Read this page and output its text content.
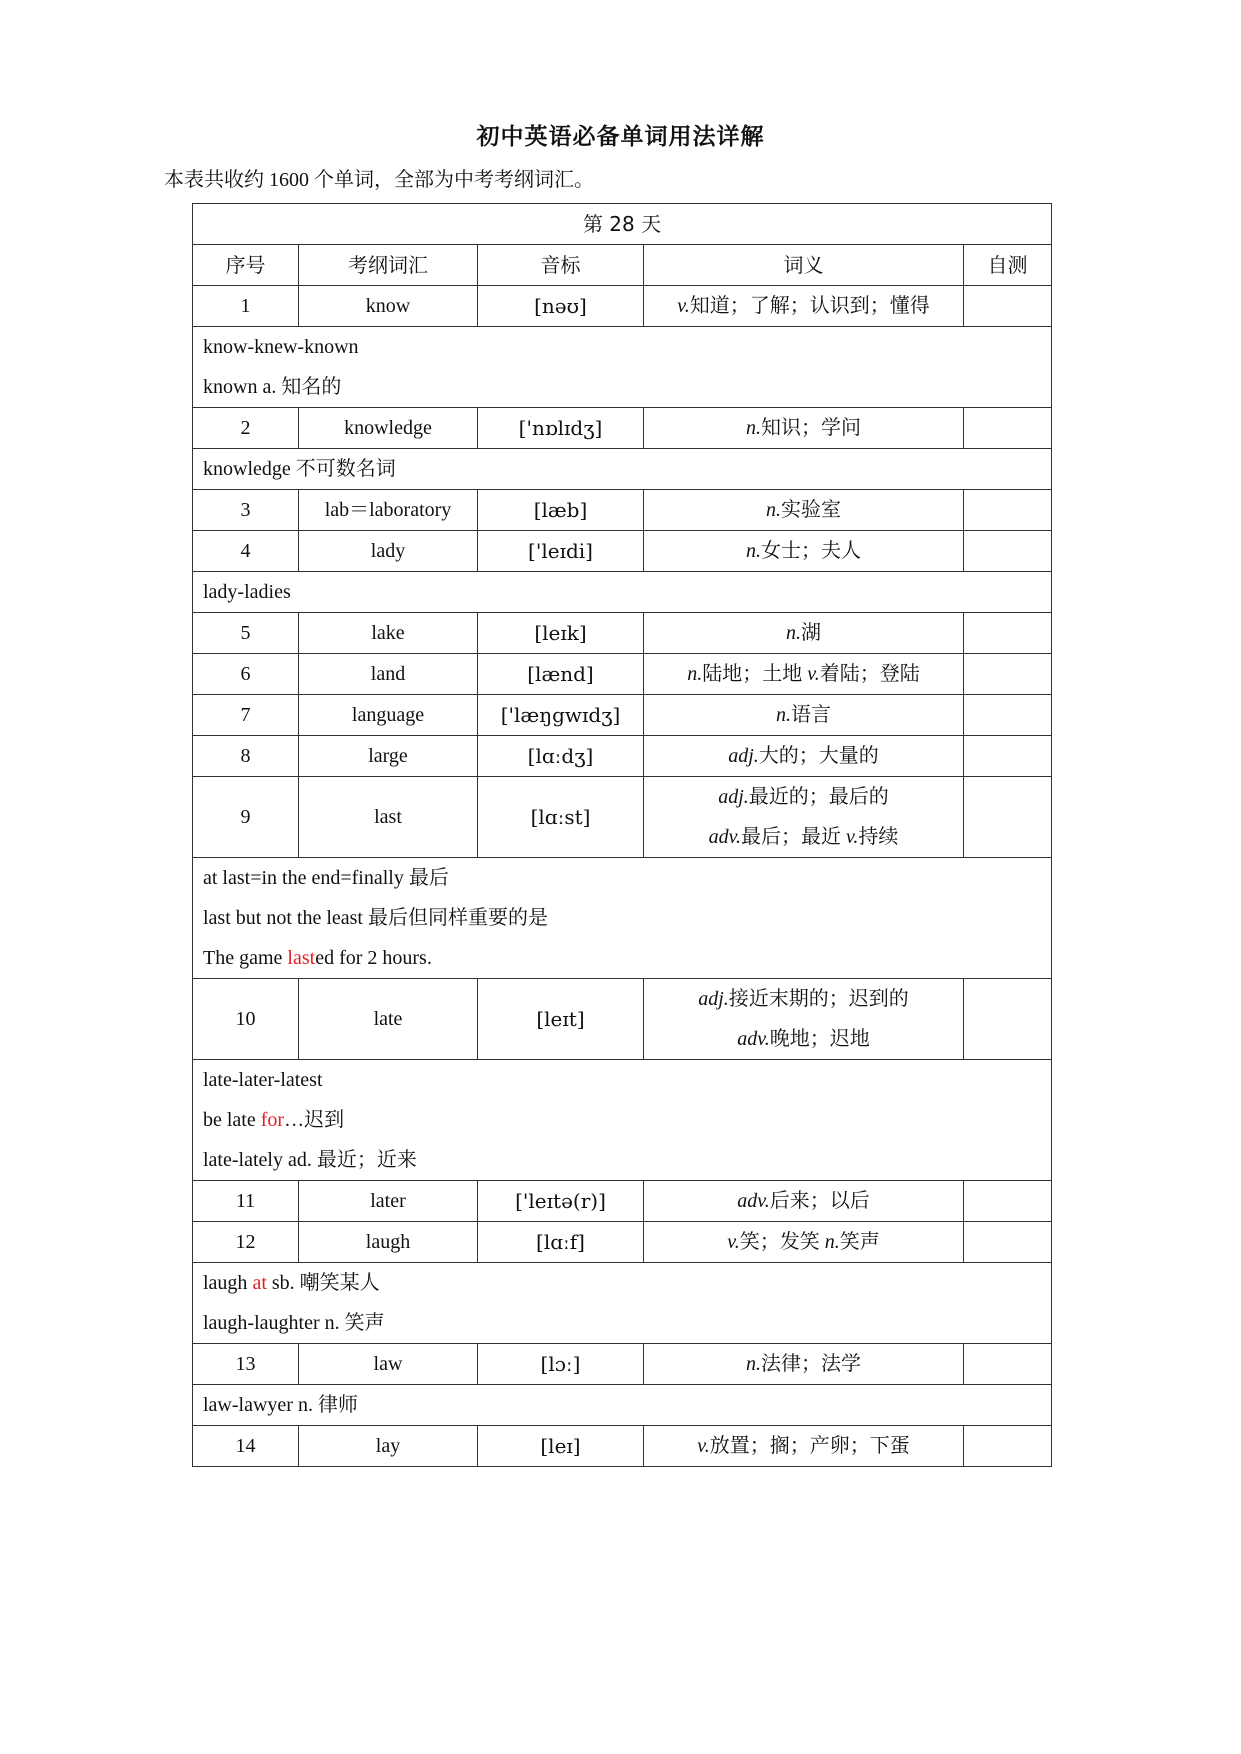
初中英语必备单词用法详解
本表共收约 1600 个单词，全部为中考考纲词汇。
第 28 天				
序号	考纲词汇	音标	词义	自测
1	know	[nəʊ]	v.知道；了解；认识到；懂得	

know-knew-known
known a. 知名的				

2	knowledge	['nɒlɪdʒ]	n.知识；学问	

knowledge 不可数名词				

3	lab＝laboratory	[læb]	n.实验室	
4	lady	['leɪdi]	n.女士；夫人	

lady-ladies				

5	lake	[leɪk]	n.湖	
6	land	[lænd]	n.陆地；土地 v.着陆；登陆	
7	language	['læŋgwɪdʒ]	n.语言	
8	large	[lɑːdʒ]	adj.大的；大量的	
9	last	[lɑːst]	adj.最近的；最后的
adv.最后；最近 v.持续	

at last=in the end=finally 最后
last but not the least 最后但同样重要的是
The game lasted for 2 hours.				

10	late	[leɪt]	adj.接近末期的；迟到的
adv.晚地；迟地	

late-later-latest
be late for…迟到
late-lately ad. 最近；近来				

11	later	['leɪtə(r)]	adv.后来；以后	
12	laugh	[lɑːf]	v.笑；发笑 n.笑声	

laugh at sb. 嘲笑某人
laugh-laughter n. 笑声				

13	law	[lɔː]	n.法律；法学	

law-lawyer n. 律师				

14	lay	[leɪ]	v.放置；搁；产卵；下蛋	
